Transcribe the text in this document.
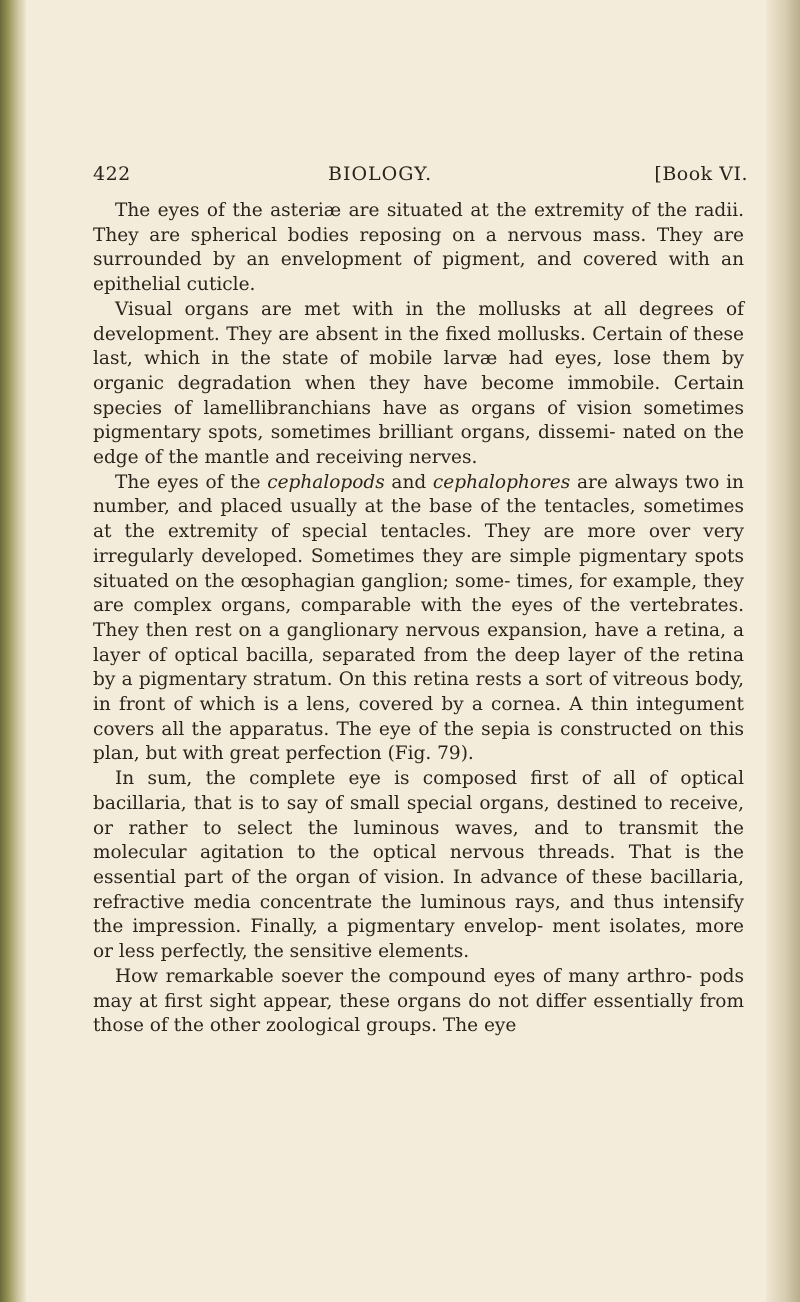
422	BIOLOGY.	[Book VI.

The eyes of the asteriæ are situated at the extremity of the radii. They are spherical bodies reposing on a nervous mass. They are surrounded by an envelopment of pigment, and covered with an epithelial cuticle.

Visual organs are met with in the mollusks at all degrees of development. They are absent in the fixed mollusks. Certain of these last, which in the state of mobile larvæ had eyes, lose them by organic degradation when they have become immobile. Certain species of lamellibranchians have as organs of vision sometimes pigmentary spots, sometimes brilliant organs, dissemi- nated on the edge of the mantle and receiving nerves.

The eyes of the cephalopods and cephalophores are always two in number, and placed usually at the base of the tentacles, sometimes at the extremity of special tentacles. They are more over very irregularly developed. Sometimes they are simple pigmentary spots situated on the œsophagian ganglion; some- times, for example, they are complex organs, comparable with the eyes of the vertebrates. They then rest on a ganglionary nervous expansion, have a retina, a layer of optical bacilla, separated from the deep layer of the retina by a pigmentary stratum. On this retina rests a sort of vitreous body, in front of which is a lens, covered by a cornea. A thin integument covers all the apparatus. The eye of the sepia is constructed on this plan, but with great perfection (Fig. 79).

In sum, the complete eye is composed first of all of optical bacillaria, that is to say of small special organs, destined to receive, or rather to select the luminous waves, and to transmit the molecular agitation to the optical nervous threads. That is the essential part of the organ of vision. In advance of these bacillaria, refractive media concentrate the luminous rays, and thus intensify the impression. Finally, a pigmentary envelop- ment isolates, more or less perfectly, the sensitive elements.

How remarkable soever the compound eyes of many arthro- pods may at first sight appear, these organs do not differ essentially from those of the other zoological groups. The eye
